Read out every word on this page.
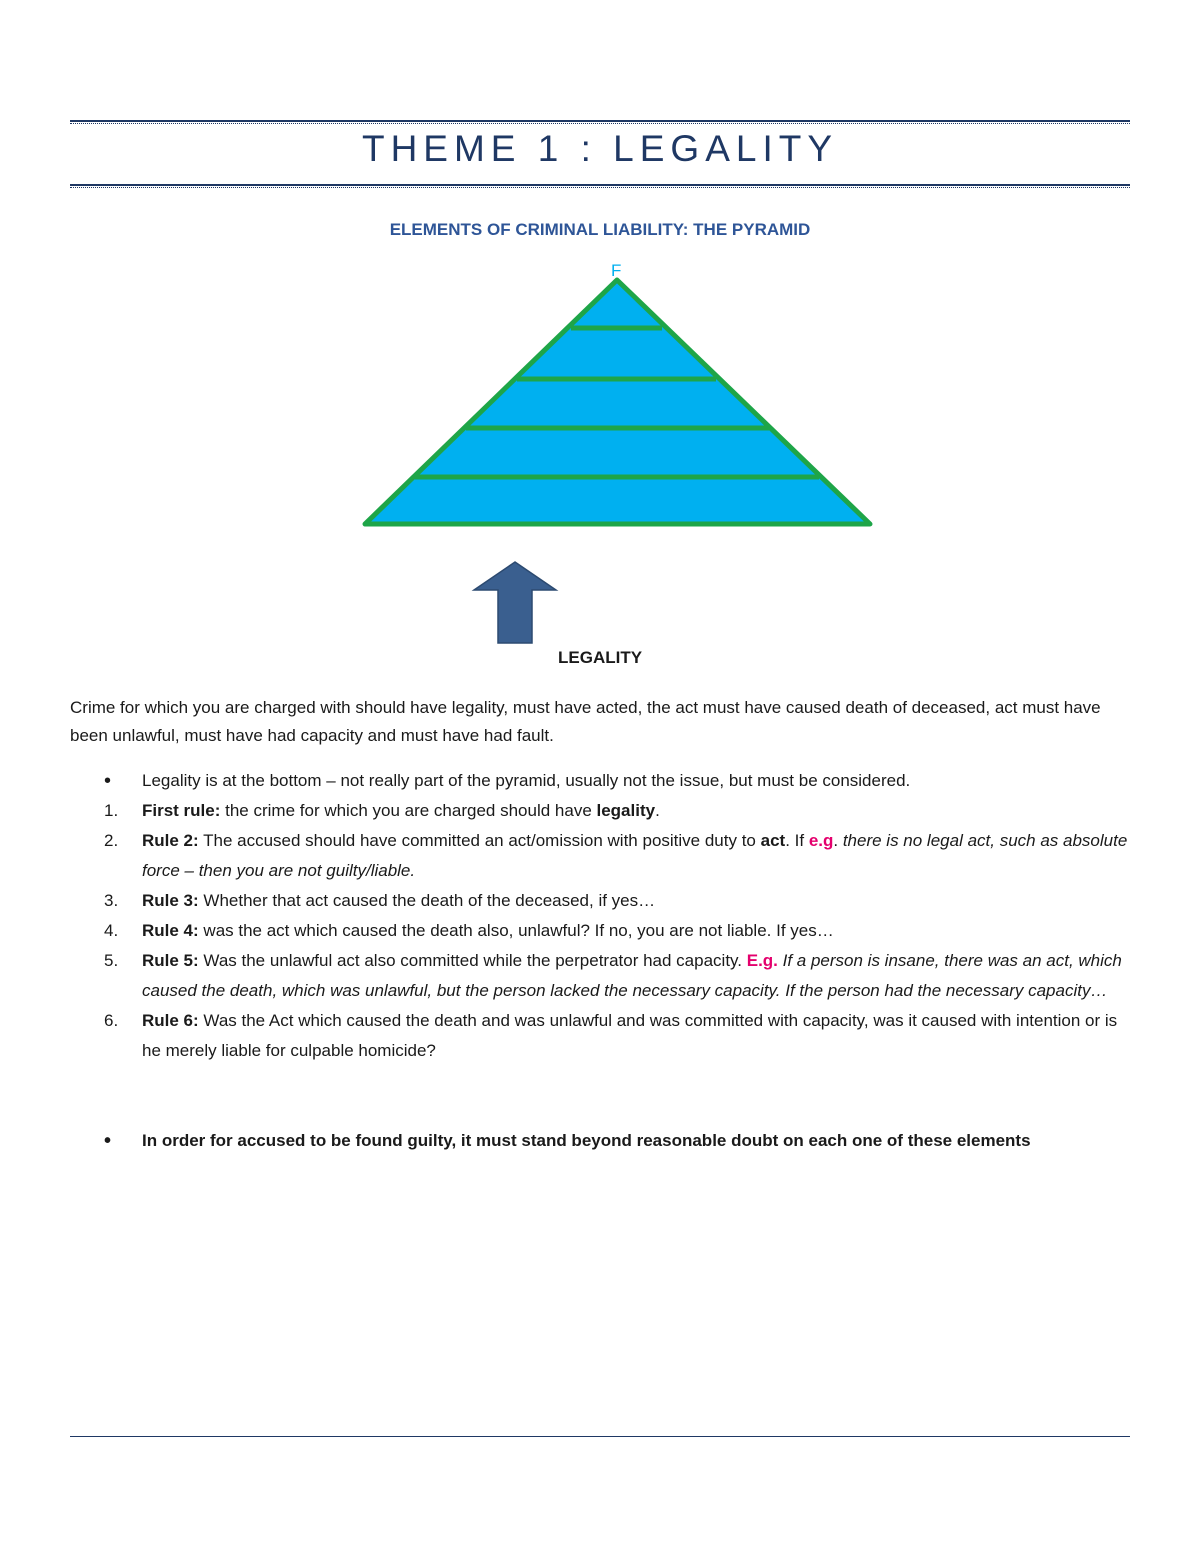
THEME 1 : LEGALITY
ELEMENTS OF CRIMINAL LIABILITY: THE PYRAMID
F
LEGALITY
Crime for which you are charged with should have legality, must have acted, the act must have caused death of deceased, act must have been unlawful, must have had capacity and must have had fault.
•	Legality is at the bottom – not really part of the pyramid, usually not the issue, but must be considered.
1.	First rule: the crime for which you are charged should have legality.
2.	Rule 2: The accused should have committed an act/omission with positive duty to act. If e.g. there is no legal act, such as absolute force – then you are not guilty/liable.
3.	Rule 3: Whether that act caused the death of the deceased, if yes…
4.	Rule 4: was the act which caused the death also, unlawful? If no, you are not liable. If yes…
5.	Rule 5: Was the unlawful act also committed while the perpetrator had capacity. E.g. If a person is insane, there was an act, which caused the death, which was unlawful, but the person lacked the necessary capacity. If the person had the necessary capacity…
6.	Rule 6: Was the Act which caused the death and was unlawful and was committed with capacity, was it caused with intention or is he merely liable for culpable homicide?
•	In order for accused to be found guilty, it must stand beyond reasonable doubt on each one of these elements
